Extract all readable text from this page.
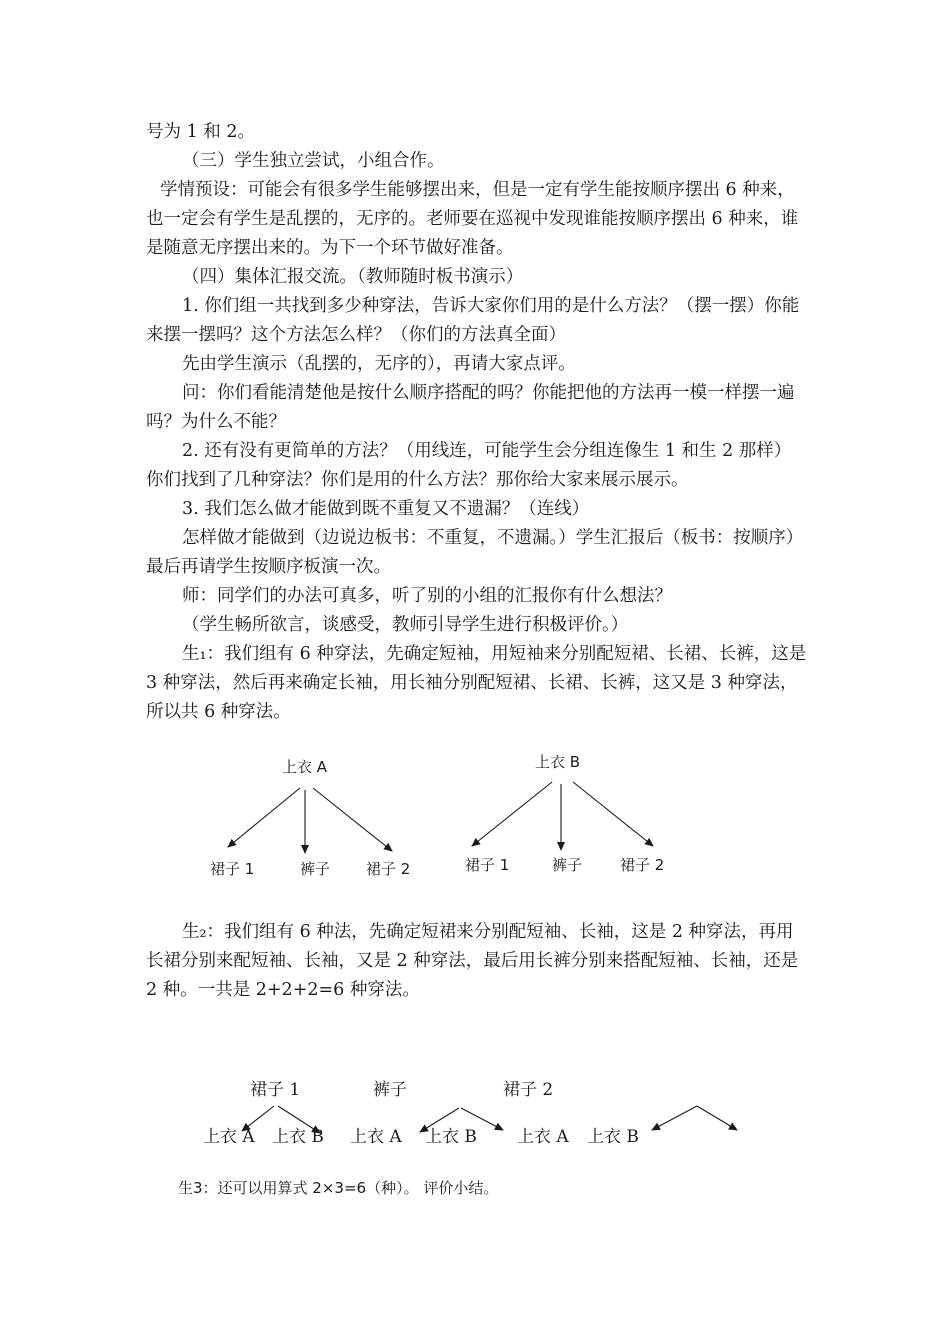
号为 1 和 2。

（三）学生独立尝试，小组合作。

学情预设：可能会有很多学生能够摆出来，但是一定有学生能按顺序摆出 6 种来，也一定会有学生是乱摆的，无序的。老师要在巡视中发现谁能按顺序摆出 6 种来，谁是随意无序摆出来的。为下一个环节做好准备。

（四）集体汇报交流。（教师随时板书演示）

1. 你们组一共找到多少种穿法，告诉大家你们用的是什么方法？（摆一摆）你能来摆一摆吗？这个方法怎么样？（你们的方法真全面）

先由学生演示（乱摆的，无序的），再请大家点评。

问：你们看能清楚他是按什么顺序搭配的吗？你能把他的方法再一模一样摆一遍吗？为什么不能？

2. 还有没有更简单的方法？（用线连，可能学生会分组连像生 1 和生 2 那样）你们找到了几种穿法？你们是用的什么方法？那你给大家来展示展示。

3. 我们怎么做才能做到既不重复又不遗漏？（连线）

怎样做才能做到（边说边板书：不重复，不遗漏。）学生汇报后（板书：按顺序）最后再请学生按顺序板演一次。

师：同学们的办法可真多，听了别的小组的汇报你有什么想法？

（学生畅所欲言，谈感受，教师引导学生进行积极评价。）

生₁：我们组有 6 种穿法，先确定短袖，用短袖来分别配短裙、长裙、长裤，这是 3 种穿法，然后再来确定长袖，用长袖分别配短裙、长裙、长裤，这又是 3 种穿法，所以共 6 种穿法。

上衣 A
裙子 1	裤子 裙子 2
上衣 B
裙子 1	裤子	裙子 2

生₂：我们组有 6 种法，先确定短裙来分别配短袖、长袖，这是 2 种穿法，再用长裙分别来配短袖、长袖，又是 2 种穿法，最后用长裤分别来搭配短袖、长袖，还是 2 种。一共是 2+2+2=6 种穿法。

裙子 1	裤子	裙子 2
上衣 A 上衣 B 上衣 A 上衣 B 上衣 A 上衣 B
生3：还可以用算式 2×3=6（种）。 评价小结。
